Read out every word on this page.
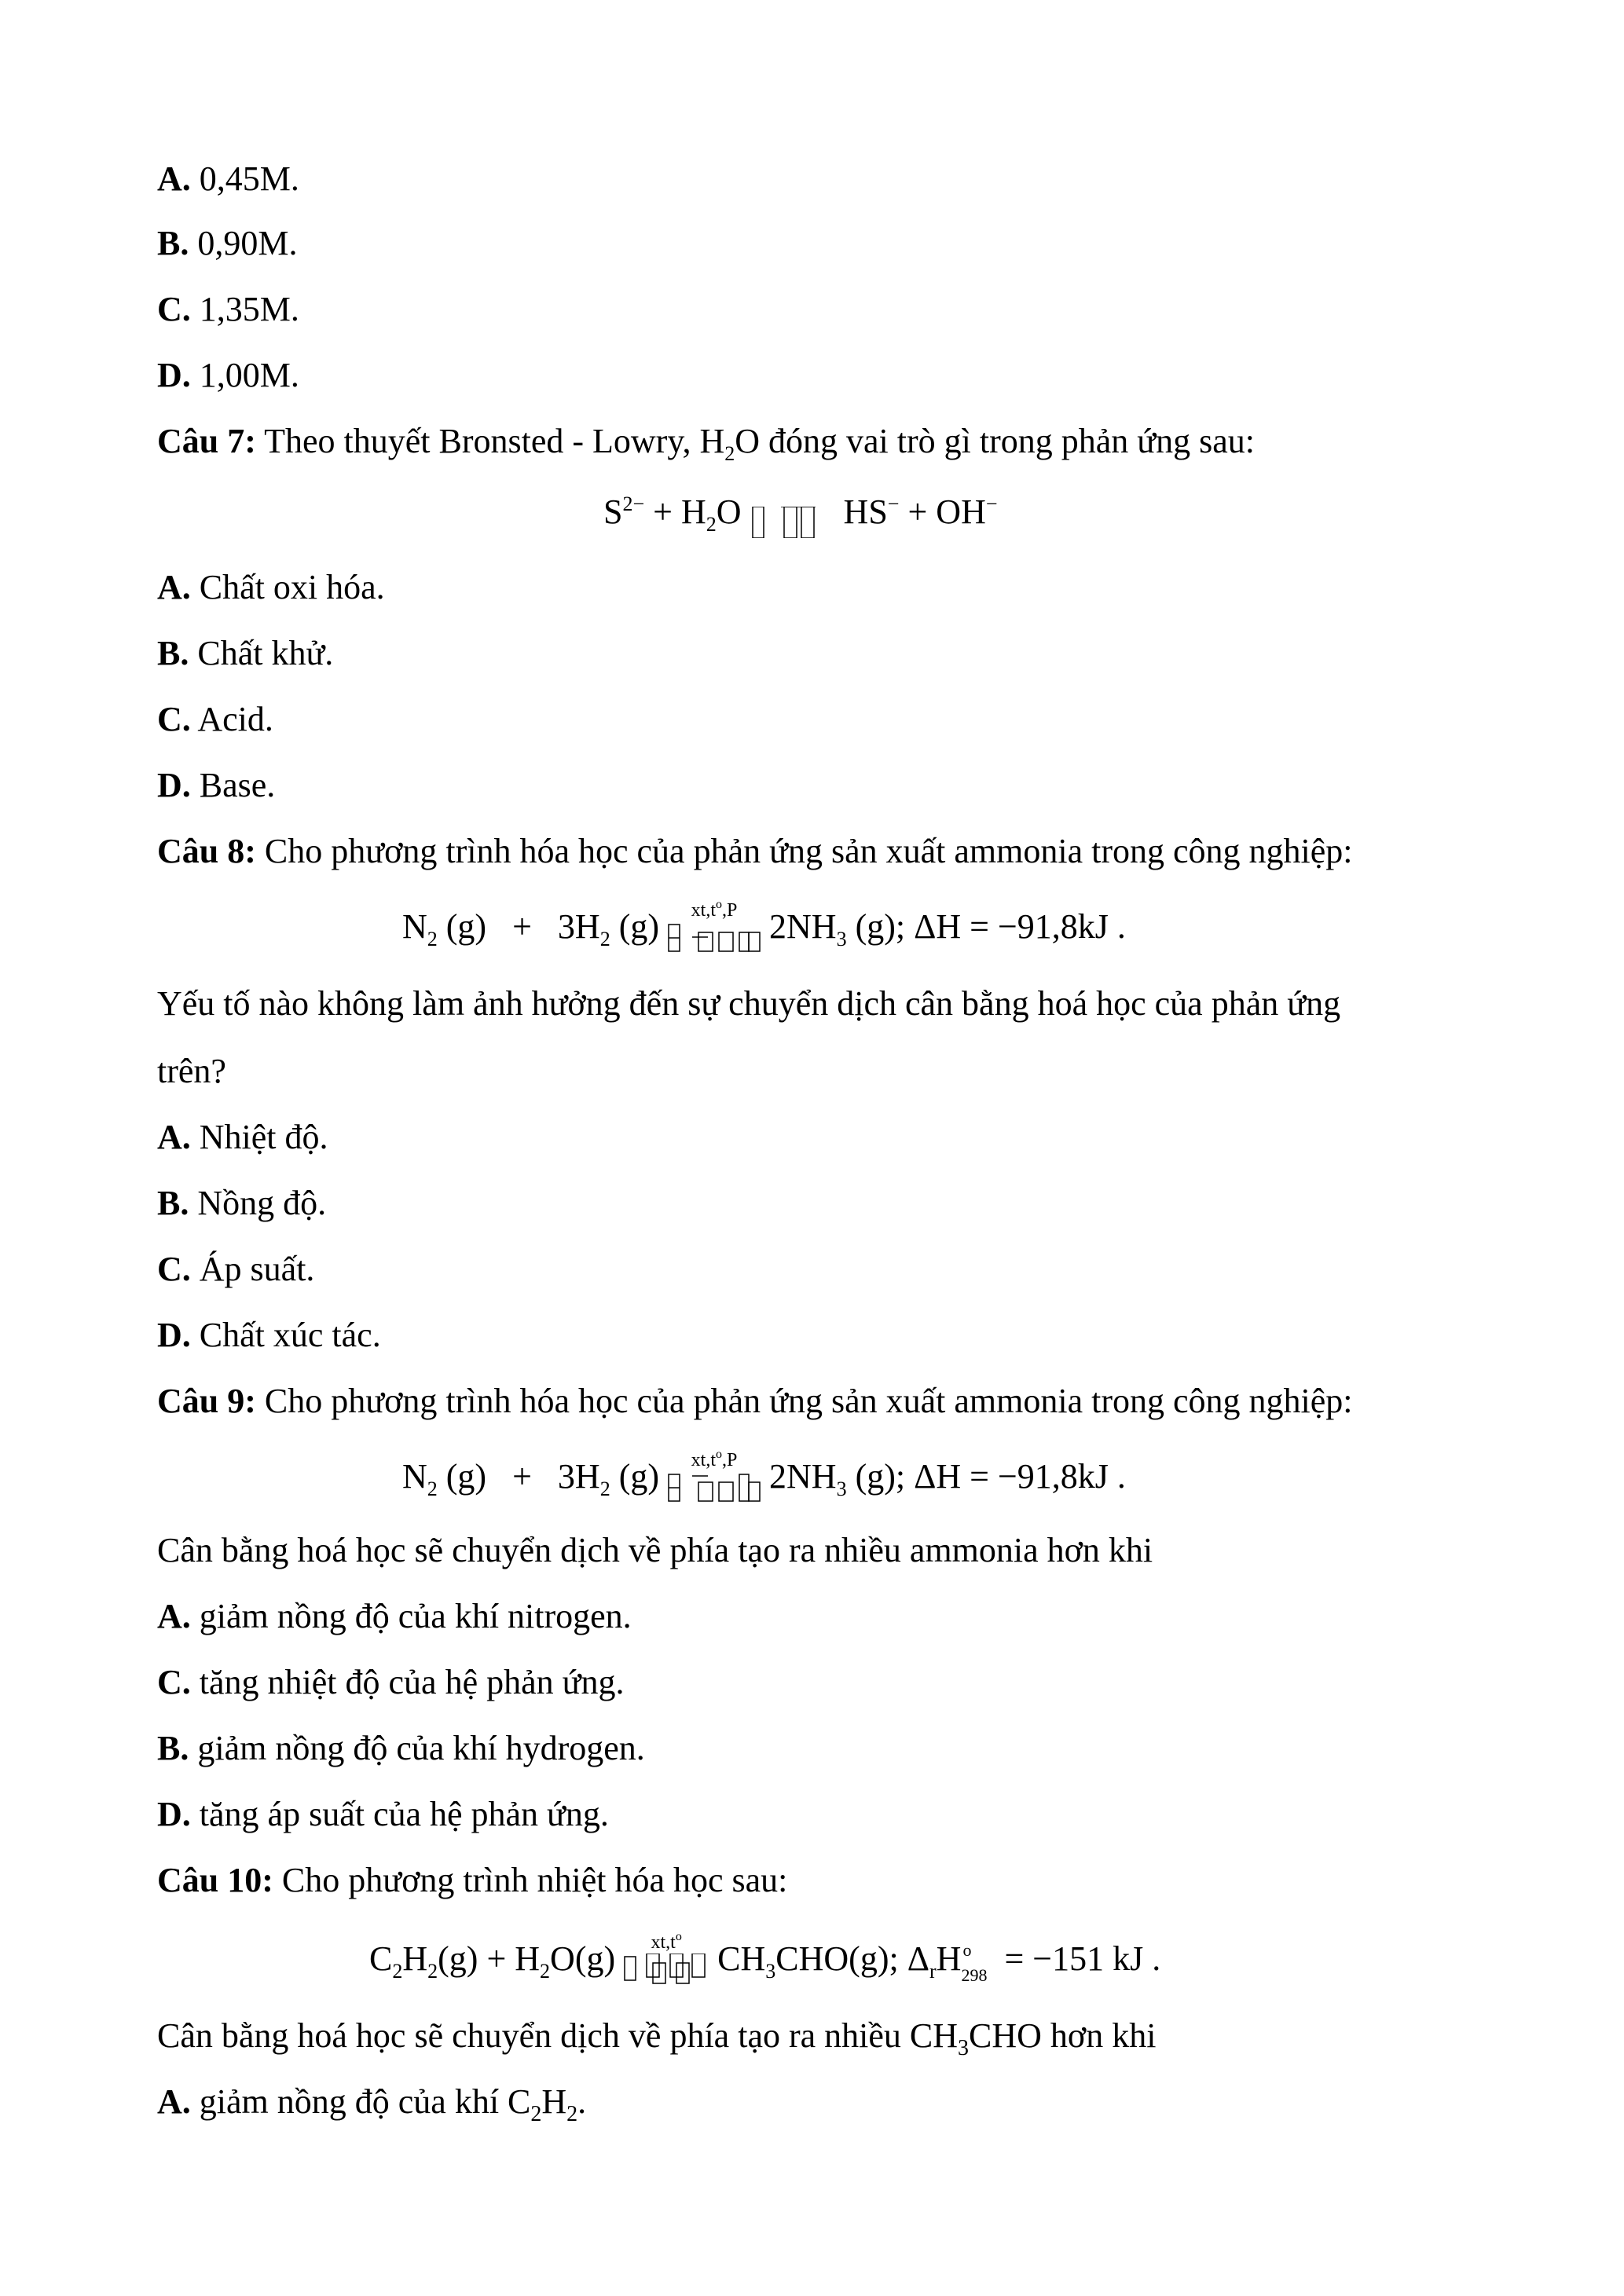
A. 0,45M.
B. 0,90M.
C. 1,35M.
D. 1,00M.
Câu 7: Theo thuyết Bronsted - Lowry, $H_2O$ đóng vai trò gì trong phản ứng sau:
$S^{2-} + H_2O$	HS− + OH−
A. Chất oxi hóa.
B. Chất khử.
C. Acid.
D. Base.
Câu 8: Cho phương trình hóa học của phản ứng sản xuất ammonia trong công nghiệp:
$N_2$ $(g) + 3H_2$ (g)	$xt,t^o,P$ $2NH_3$ (g); ΔH = −91,8kJ .
Yếu tố nào không làm ảnh hưởng đến sự chuyển dịch cân bằng hoá học của phản ứng
trên?
A. Nhiệt độ.
B. Nồng độ.
C. Áp suất.
D. Chất xúc tác.
Câu 9: Cho phương trình hóa học của phản ứng sản xuất ammonia trong công nghiệp:
$N_2$ $(g) + 3H_2$ (g)	$xt,t^o,P$ $2NH_3$ (g); ΔH = −91,8kJ .
Cân bằng hoá học sẽ chuyển dịch về phía tạo ra nhiều ammonia hơn khi
A. giảm nồng độ của khí nitrogen.
C. tăng nhiệt độ của hệ phản ứng.
B. giảm nồng độ của khí hydrogen.
D. tăng áp suất của hệ phản ứng.
Câu 10: Cho phương trình nhiệt hóa học sau:
$C_2H_2(g) + H_2O(g)$	$xt,t^o$
$CH_3CHO(g)$; $\Delta_rH$ o
298 = −151 kJ .
Cân bằng hoá học sẽ chuyển dịch về phía tạo ra nhiều $CH_3CHO$ hơn khi
A. giảm nồng độ của khí $C_2H_2$.
